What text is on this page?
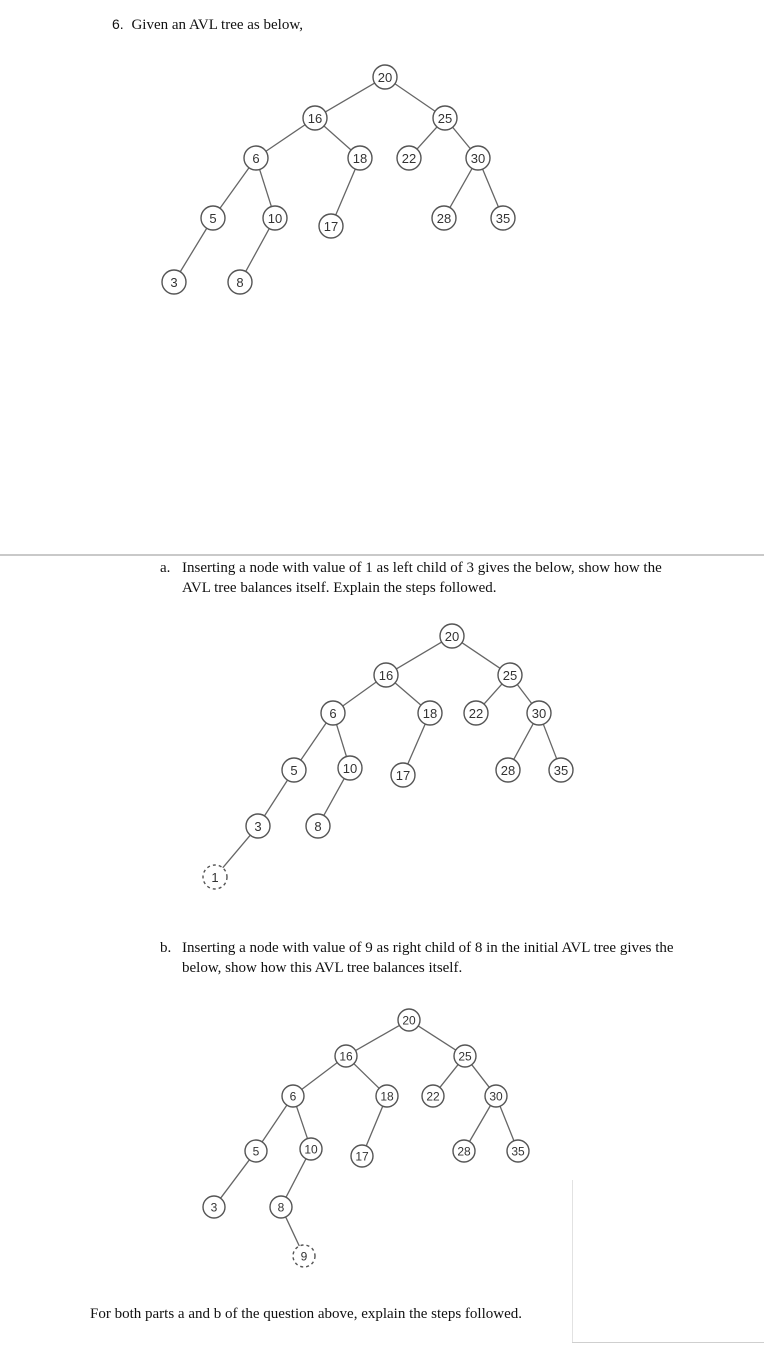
6. Given an AVL tree as below,
20
16	25
6	18	22	30
5	10
17
28	35
3	8
a. Inserting a node with value of 1 as left child of 3 gives the below, show how the
AVL tree balances itself. Explain the steps followed.
20
16	25
6	18 22	30
5	10	17	28	35
3	8
1
b. Inserting a node with value of 9 as right child of 8 in the initial AVL tree gives the
below, show how this AVL tree balances itself.
20
16	25
6	18	22	30
5	10	17	28	35
3	8
9
For both parts a and b of the question above, explain the steps followed.
